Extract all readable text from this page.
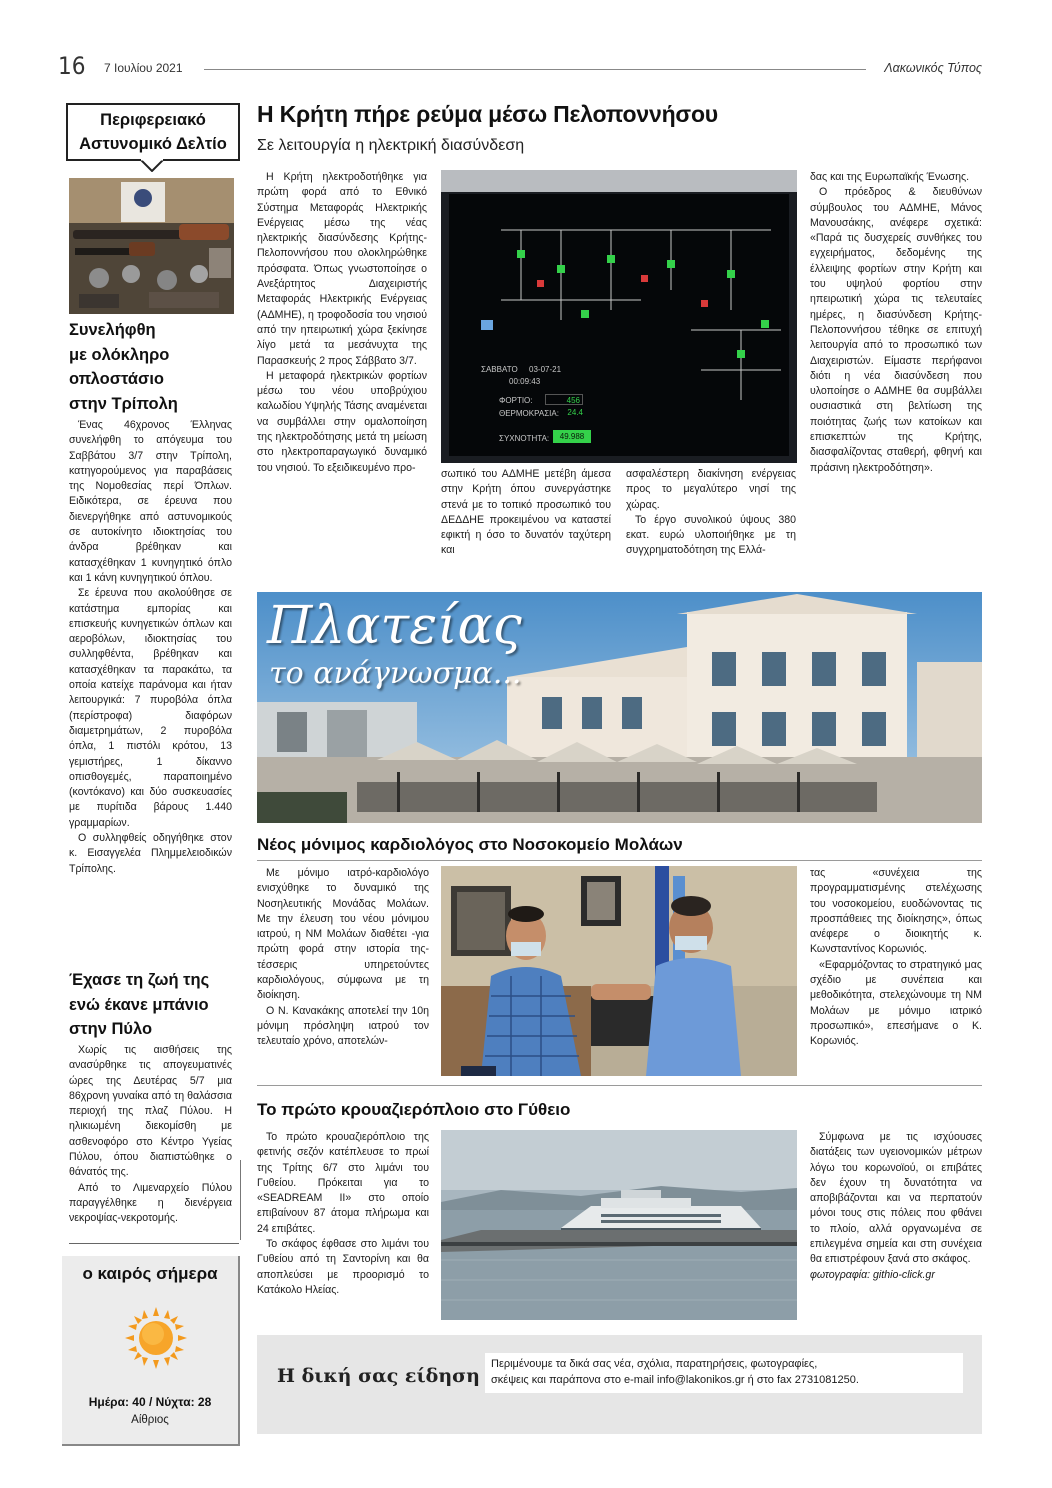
16 7 Ιουλίου 2021	Λακωνικός Τύπος
Περιφερειακό
Αστυνομικό Δελτίο
Συνελήφθη
με ολόκληρο
οπλοστάσιο
στην Τρίπολη
Ένας 46χρονος Έλληνας συνελήφθη το απόγευμα του Σαββάτου 3/7 στην Τρίπολη, κατηγορούμενος για παραβάσεις της Νομοθεσίας περί Όπλων. Ειδικότερα, σε έρευνα που διενεργήθηκε από αστυνομικούς σε αυτοκίνητο ιδιοκτησίας του άνδρα βρέθηκαν και κατασχέθηκαν 1 κυνηγητικό όπλο και 1 κάνη κυνηγητικού όπλου.
Σε έρευνα που ακολούθησε σε κατάστημα εμπορίας και επισκευής κυνηγετικών όπλων και αεροβόλων, ιδιοκτησίας του συλληφθέντα, βρέθηκαν και κατασχέθηκαν τα παρακάτω, τα οποία κατείχε παράνομα και ήταν λειτουργικά: 7 πυροβόλα όπλα (περίστροφα) διαφόρων διαμετρημάτων, 2 πυροβόλα όπλα, 1 πιστόλι κρότου, 13 γεμιστήρες, 1 δίκαννο οπισθογεμές, παραποιημένο (κοντόκανο) και δύο συσκευασίες με πυρίτιδα βάρους 1.440 γραμμαρίων.
Ο συλληφθείς οδηγήθηκε στον κ. Εισαγγελέα Πλημμελειοδικών Τρίπολης.
Έχασε τη ζωή της
ενώ έκανε μπάνιο
στην Πύλο
Χωρίς τις αισθήσεις της ανασύρθηκε τις απογευματινές ώρες της Δευτέρας 5/7 μια 86χρονη γυναίκα από τη θαλάσσια περιοχή της πλαζ Πύλου. Η ηλικιωμένη διεκομίσθη με ασθενοφόρο στο Κέντρο Υγείας Πύλου, όπου διαπιστώθηκε ο θάνατός της.
Από το Λιμεναρχείο Πύλου παραγγέλθηκε η διενέργεια νεκροψίας-νεκροτομής.
ο καιρός σήμερα
Ημέρα: 40 / Νύχτα: 28
Αίθριος
Η Κρήτη πήρε ρεύμα μέσω Πελοποννήσου
Σε λειτουργία η ηλεκτρική διασύνδεση
Η Κρήτη ηλεκτροδοτήθηκε για πρώτη φορά από το Εθνικό Σύστημα Μεταφοράς Ηλεκτρικής Ενέργειας μέσω της νέας ηλεκτρικής διασύνδεσης Κρήτης-Πελοποννήσου που ολοκληρώθηκε πρόσφατα. Όπως γνωστοποίησε ο Ανεξάρτητος Διαχειριστής Μεταφοράς Ηλεκτρικής Ενέργειας (ΑΔΜΗΕ), η τροφοδοσία του νησιού από την ηπειρωτική χώρα ξεκίνησε λίγο μετά τα μεσάνυχτα της Παρασκευής 2 προς Σάββατο 3/7.
Η μεταφορά ηλεκτρικών φορτίων μέσω του νέου υποβρύχιου καλωδίου Υψηλής Τάσης αναμένεται να συμβάλλει στην ομαλοποίηση της ηλεκτροδότησης μετά τη μείωση στο ηλεκτροπαραγωγικό δυναμικό του νησιού. Το εξειδικευμένο προ-
ΣΑΒΒΑΤΟ 03-07-21
00:09:43
ΦΟΡΤΙΟ:	456
ΘΕΡΜΟΚΡΑΣΙΑ:	24.4
ΣΥΧΝΟΤΗΤΑ:	49.988
σωπικό του ΑΔΜΗΕ μετέβη άμεσα στην Κρήτη όπου συνεργάστηκε στενά με το τοπικό προσωπικό του ΔΕΔΔΗΕ προκειμένου να καταστεί εφικτή η όσο το δυνατόν ταχύτερη και
ασφαλέστερη διακίνηση ενέργειας προς το μεγαλύτερο νησί της χώρας.
Το έργο συνολικού ύψους 380 εκατ. ευρώ υλοποιήθηκε με τη συγχρηματοδότηση της Ελλά-
δας και της Ευρωπαϊκής Ένωσης.
Ο πρόεδρος & διευθύνων σύμβουλος του ΑΔΜΗΕ, Μάνος Μανουσάκης, ανέφερε σχετικά: «Παρά τις δυσχερείς συνθήκες του εγχειρήματος, δεδομένης της έλλειψης φορτίων στην Κρήτη και του υψηλού φορτίου στην ηπειρωτική χώρα τις τελευταίες ημέρες, η διασύνδεση Κρήτης-Πελοποννήσου τέθηκε σε επιτυχή λειτουργία από το προσωπικό των Διαχειριστών. Είμαστε περήφανοι διότι η νέα διασύνδεση που υλοποίησε ο ΑΔΜΗΕ θα συμβάλλει ουσιαστικά στη βελτίωση της ποιότητας ζωής των κατοίκων και επισκεπτών της Κρήτης, διασφαλίζοντας σταθερή, φθηνή και πράσινη ηλεκτροδότηση».
Πλατείας
το ανάγνωσμα...
Νέος μόνιμος καρδιολόγος στο Νοσοκομείο Μολάων
Με μόνιμο ιατρό-καρδιολόγο ενισχύθηκε το δυναμικό της Νοσηλευτικής Μονάδας Μολάων. Με την έλευση του νέου μόνιμου ιατρού, η ΝΜ Μολάων διαθέτει -για πρώτη φορά στην ιστορία της- τέσσερις υπηρετούντες καρδιολόγους, σύμφωνα με τη διοίκηση.
Ο Ν. Κανακάκης αποτελεί την 10η μόνιμη πρόσληψη ιατρού τον τελευταίο χρόνο, αποτελών-
τας «συνέχεια της προγραμματισμένης στελέχωσης του νοσοκομείου, ευοδώνοντας τις προσπάθειες της διοίκησης», όπως ανέφερε ο διοικητής κ. Κωνσταντίνος Κορωνιός.
«Εφαρμόζοντας το στρατηγικό μας σχέδιο με συνέπεια και μεθοδικότητα, στελεχώνουμε τη ΝΜ Μολάων με μόνιμο ιατρικό προσωπικό», επεσήμανε ο Κ. Κορωνιός.
Το πρώτο κρουαζιερόπλοιο στο Γύθειο
Το πρώτο κρουαζιερόπλοιο της φετινής σεζόν κατέπλευσε το πρωί της Τρίτης 6/7 στο λιμάνι του Γυθείου. Πρόκειται για το «SEADREAM II» στο οποίο επιβαίνουν 87 άτομα πλήρωμα και 24 επιβάτες.
Το σκάφος έφθασε στο λιμάνι του Γυθείου από τη Σαντορίνη και θα αποπλεύσει με προορισμό το Κατάκολο Ηλείας.
Σύμφωνα με τις ισχύουσες διατάξεις των υγειονομικών μέτρων λόγω του κορωνοϊού, οι επιβάτες δεν έχουν τη δυνατότητα να αποβιβάζονται και να περπατούν μόνοι τους στις πόλεις που φθάνει το πλοίο, αλλά οργανωμένα σε επιλεγμένα σημεία και στη συνέχεια θα επιστρέφουν ξανά στο σκάφος.
φωτογραφία: githio-click.gr
Η δική σας είδηση
Περιμένουμε τα δικά σας νέα, σχόλια, παρατηρήσεις, φωτογραφίες,
σκέψεις και παράπονα στο e-mail info@lakonikos.gr ή στο fax 2731081250.
